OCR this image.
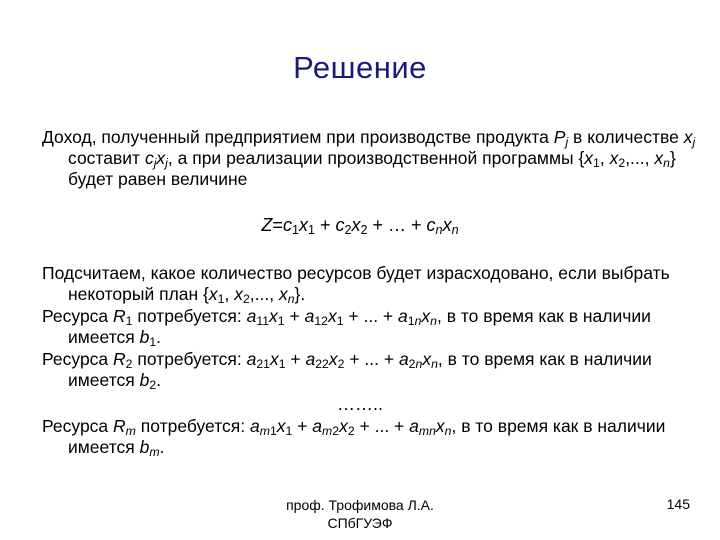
Решение

Доход, полученный предприятием при производстве продукта $P_j$ в количестве $x_j$ составит $c_jx_j$, а при реализации производственной программы {$x_1$, $x_2$,..., $x_n$} будет равен величине

$Z=c_1x_1 + c_2x_2$ + … + $c_nx_n$

Подсчитаем, какое количество ресурсов будет израсходовано, если выбрать некоторый план {$x_1$, $x_2$,..., $x_n$}.

Ресурса $R_1$ потребуется: $a_{11}x_1 + a_{12}x_1$ + ... + $a_{1n}x_n$, в то время как в наличии имеется $b_1$.

Ресурса $R_2$ потребуется: $a_{21}x_1 + a_{22}x_2$ + ... + $a_{2n}x_n$, в то время как в наличии имеется $b_2$.

……..

Ресурса $R_m$ потребуется: $a_{m1}x_1 + a_{m2}x_2$ + ... + $a_{mn}x_n$, в то время как в наличии имеется $b_m$.

проф. Трофимова Л.А.
СПбГУЭФ
145
